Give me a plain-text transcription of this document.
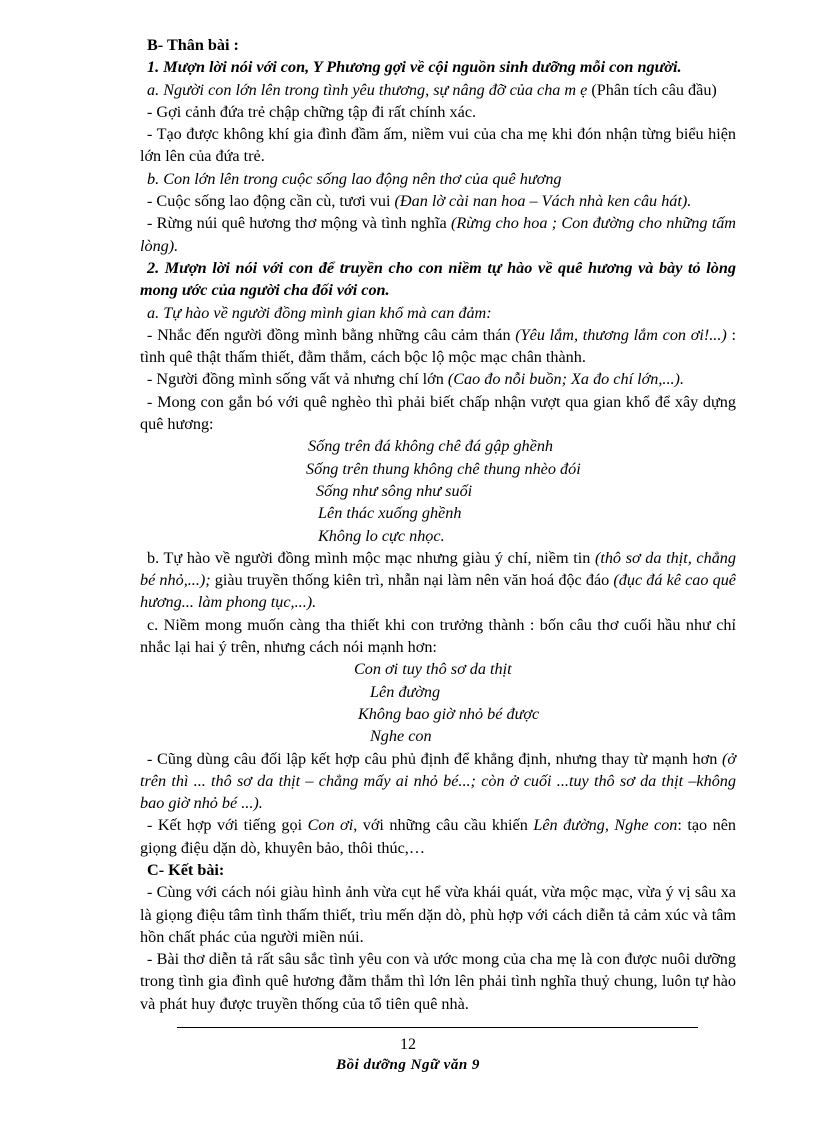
B- Thân bài :

1. Mượn lời nói với con, Y Phương gợi về cội nguồn sinh dưỡng mỗi con người.

a. Người con lớn lên trong tình yêu thương, sự nâng đỡ của cha m ẹ (Phân tích câu đầu)

- Gợi cảnh đứa trẻ chập chững tập đi rất chính xác.

- Tạo được không khí gia đình đầm ấm, niềm vui của cha mẹ khi đón nhận từng biểu hiện lớn lên của đứa trẻ.

b. Con lớn lên trong cuộc sống lao động nên thơ của quê hương

- Cuộc sống lao động cần cù, tươi vui (Đan lờ cài nan hoa – Vách nhà ken câu hát).

- Rừng núi quê hương thơ mộng và tình nghĩa (Rừng cho hoa ; Con đường cho những tấm lòng).

2. Mượn lời nói với con để truyền cho con niềm tự hào về quê hương và bày tỏ lòng mong ước của người cha đối với con.

a. Tự hào về người đồng mình gian khổ mà can đảm:

- Nhắc đến người đồng mình bằng những câu cảm thán (Yêu lắm, thương lắm con ơi!...) : tình quê thật thấm thiết, đằm thắm, cách bộc lộ mộc mạc chân thành.

- Người đồng mình sống vất vả nhưng chí lớn (Cao đo nỗi buồn; Xa đo chí lớn,...).

- Mong con gắn bó với quê nghèo thì phải biết chấp nhận vượt qua gian khổ để xây dựng quê hương:

Sống trên đá không chê đá gập ghềnh
Sống trên thung không chê thung nhèo đói
Sống như sông như suối
Lên thác xuống ghềnh
Không lo cực nhọc.

b. Tự hào về người đồng mình mộc mạc nhưng giàu ý chí, niềm tin (thô sơ da thịt, chẳng bé nhỏ,...); giàu truyền thống kiên trì, nhẫn nại làm nên văn hoá độc đáo (đục đá kê cao quê hương... làm phong tục,...).

c. Niềm mong muốn càng tha thiết khi con trưởng thành : bốn câu thơ cuối hầu như chỉ nhắc lại hai ý trên, nhưng cách nói mạnh hơn:

Con ơi tuy thô sơ da thịt
Lên đường
Không bao giờ nhỏ bé được
Nghe con

- Cũng dùng câu đối lập kết hợp câu phủ định để khẳng định, nhưng thay từ mạnh hơn (ở trên thì ... thô sơ da thịt – chẳng mấy ai nhỏ bé...; còn ở cuối ...tuy thô sơ da thịt –không bao giờ nhỏ bé ...).

- Kết hợp với tiếng gọi Con ơi, với những câu cầu khiến Lên đường, Nghe con: tạo nên giọng điệu dặn dò, khuyên bảo, thôi thúc,…

C- Kết bài:

- Cùng với cách nói giàu hình ảnh vừa cụt hể vừa khái quát, vừa mộc mạc, vừa ý vị sâu xa là giọng điệu tâm tình thấm thiết, trìu mến dặn dò, phù hợp với cách diễn tả cảm xúc và tâm hồn chất phác của người miền núi.

- Bài thơ diễn tả rất sâu sắc tình yêu con và ước mong của cha mẹ là con được nuôi dưỡng trong tình gia đình quê hương đằm thắm thì lớn lên phải tình nghĩa thuỷ chung, luôn tự hào và phát huy được truyền thống của tổ tiên quê nhà.

12
Bồi dưỡng Ngữ văn 9
